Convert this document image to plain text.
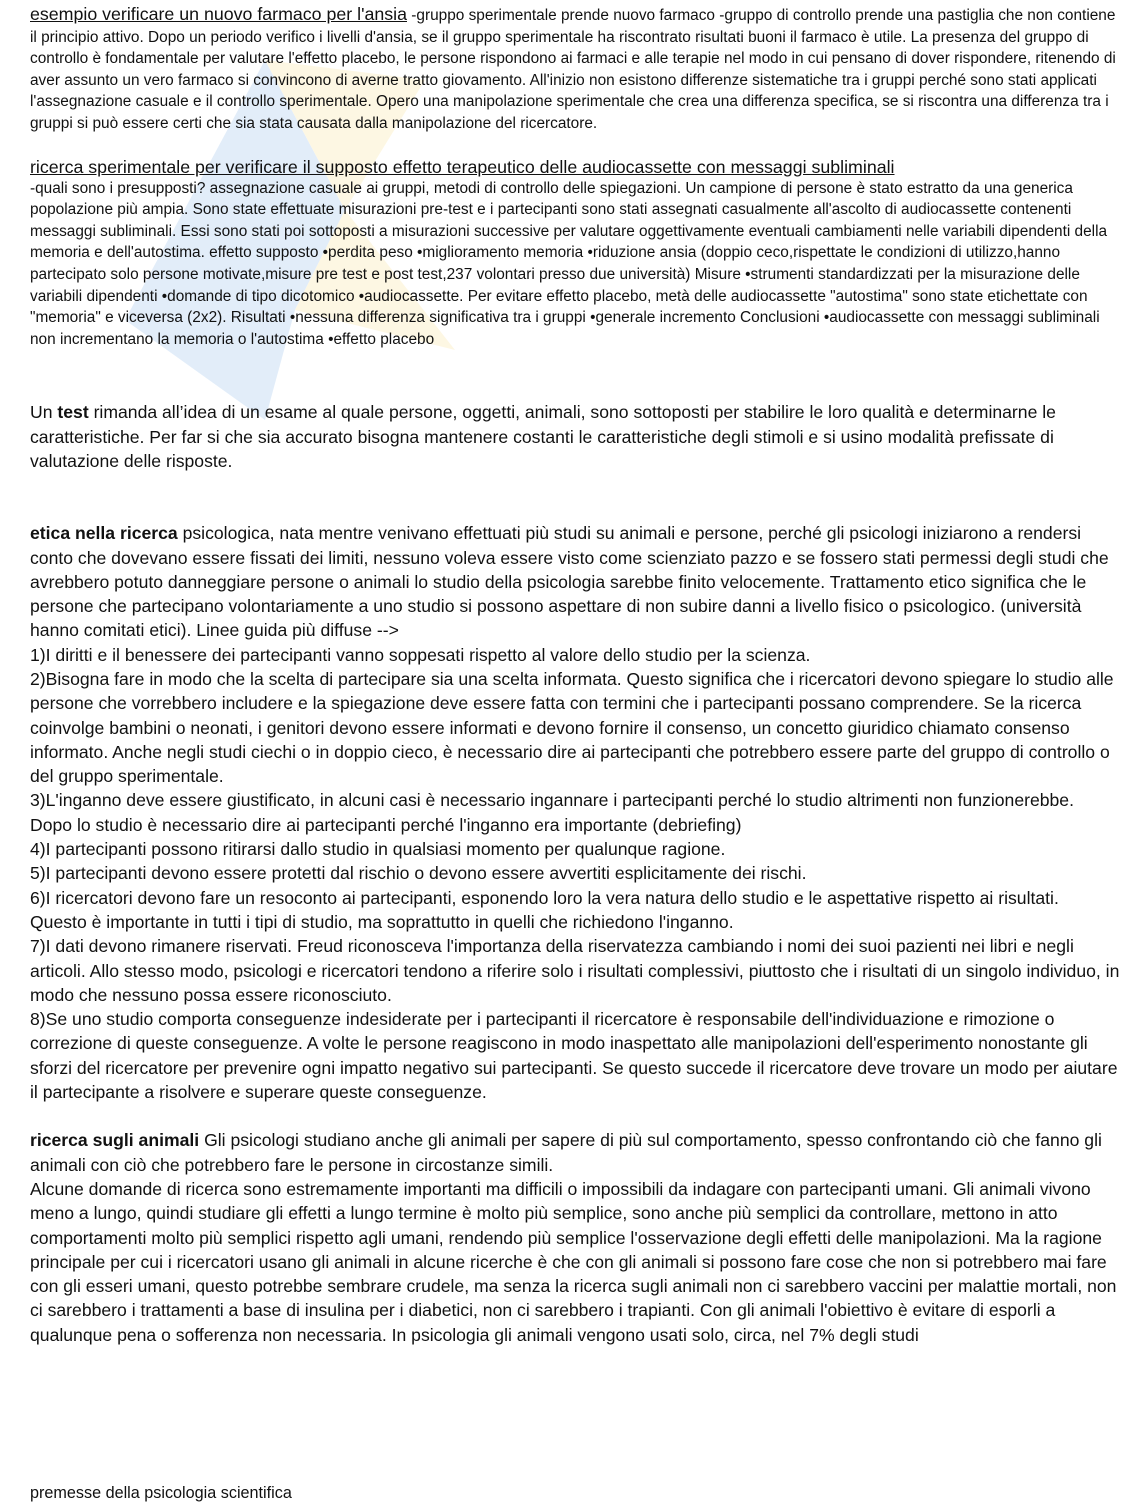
esempio verificare un nuovo farmaco per l'ansia -gruppo sperimentale prende nuovo farmaco -gruppo di controllo prende una pastiglia che non contiene il principio attivo. Dopo un periodo verifico i livelli d'ansia, se il gruppo sperimentale ha riscontrato risultati buoni il farmaco è utile. La presenza del gruppo di controllo è fondamentale per valutare l'effetto placebo, le persone rispondono ai farmaci e alle terapie nel modo in cui pensano di dover rispondere, ritenendo di aver assunto un vero farmaco si convincono di averne tratto giovamento. All'inizio non esistono differenze sistematiche tra i gruppi perché sono stati applicati l'assegnazione casuale e il controllo sperimentale. Opero una manipolazione sperimentale che crea una differenza specifica, se si riscontra una differenza tra i gruppi si può essere certi che sia stata causata dalla manipolazione del ricercatore.

ricerca sperimentale per verificare il supposto effetto terapeutico delle audiocassette con messaggi subliminali
-quali sono i presupposti? assegnazione casuale ai gruppi, metodi di controllo delle spiegazioni. Un campione di persone è stato estratto da una generica popolazione più ampia. Sono state effettuate misurazioni pre-test e i partecipanti sono stati assegnati casualmente all'ascolto di audiocassette contenenti messaggi subliminali. Essi sono stati poi sottoposti a misurazioni successive per valutare oggettivamente eventuali cambiamenti nelle variabili dipendenti della memoria e dell'autostima. effetto supposto •perdita peso •miglioramento memoria •riduzione ansia (doppio ceco,rispettate le condizioni di utilizzo,hanno partecipato solo persone motivate,misure pre test e post test,237 volontari presso due università) Misure •strumenti standardizzati per la misurazione delle variabili dipendenti •domande di tipo dicotomico •audiocassette. Per evitare effetto placebo, metà delle audiocassette "autostima" sono state etichettate con "memoria" e viceversa (2x2). Risultati •nessuna differenza significativa tra i gruppi •generale incremento Conclusioni •audiocassette con messaggi subliminali non incrementano la memoria o l'autostima •effetto placebo

Un test rimanda all’idea di un esame al quale persone, oggetti, animali, sono sottoposti per stabilire le loro qualità e determinarne le caratteristiche. Per far si che sia accurato bisogna mantenere costanti le caratteristiche degli stimoli e si usino modalità prefissate di valutazione delle risposte.

etica nella ricerca psicologica, nata mentre venivano effettuati più studi su animali e persone, perché gli psicologi iniziarono a rendersi conto che dovevano essere fissati dei limiti, nessuno voleva essere visto come scienziato pazzo e se fossero stati permessi degli studi che avrebbero potuto danneggiare persone o animali lo studio della psicologia sarebbe finito velocemente. Trattamento etico significa che le persone che partecipano volontariamente a uno studio si possono aspettare di non subire danni a livello fisico o psicologico. (università hanno comitati etici). Linee guida più diffuse -->

1)I diritti e il benessere dei partecipanti vanno soppesati rispetto al valore dello studio per la scienza.

2)Bisogna fare in modo che la scelta di partecipare sia una scelta informata. Questo significa che i ricercatori devono spiegare lo studio alle persone che vorrebbero includere e la spiegazione deve essere fatta con termini che i partecipanti possano comprendere. Se la ricerca coinvolge bambini o neonati, i genitori devono essere informati e devono fornire il consenso, un concetto giuridico chiamato consenso informato. Anche negli studi ciechi o in doppio cieco, è necessario dire ai partecipanti che potrebbero essere parte del gruppo di controllo o del gruppo sperimentale.

3)L'inganno deve essere giustificato, in alcuni casi è necessario ingannare i partecipanti perché lo studio altrimenti non funzionerebbe. Dopo lo studio è necessario dire ai partecipanti perché l'inganno era importante (debriefing)

4)I partecipanti possono ritirarsi dallo studio in qualsiasi momento per qualunque ragione.

5)I partecipanti devono essere protetti dal rischio o devono essere avvertiti esplicitamente dei rischi.

6)I ricercatori devono fare un resoconto ai partecipanti, esponendo loro la vera natura dello studio e le aspettative rispetto ai risultati. Questo è importante in tutti i tipi di studio, ma soprattutto in quelli che richiedono l'inganno.

7)I dati devono rimanere riservati. Freud riconosceva l'importanza della riservatezza cambiando i nomi dei suoi pazienti nei libri e negli articoli. Allo stesso modo, psicologi e ricercatori tendono a riferire solo i risultati complessivi, piuttosto che i risultati di un singolo individuo, in modo che nessuno possa essere riconosciuto.

8)Se uno studio comporta conseguenze indesiderate per i partecipanti il ricercatore è responsabile dell'individuazione e rimozione o correzione di queste conseguenze. A volte le persone reagiscono in modo inaspettato alle manipolazioni dell'esperimento nonostante gli sforzi del ricercatore per prevenire ogni impatto negativo sui partecipanti. Se questo succede il ricercatore deve trovare un modo per aiutare il partecipante a risolvere e superare queste conseguenze.

ricerca sugli animali Gli psicologi studiano anche gli animali per sapere di più sul comportamento, spesso confrontando ciò che fanno gli animali con ciò che potrebbero fare le persone in circostanze simili.

Alcune domande di ricerca sono estremamente importanti ma difficili o impossibili da indagare con partecipanti umani. Gli animali vivono meno a lungo, quindi studiare gli effetti a lungo termine è molto più semplice, sono anche più semplici da controllare, mettono in atto comportamenti molto più semplici rispetto agli umani, rendendo più semplice l'osservazione degli effetti delle manipolazioni. Ma la ragione principale per cui i ricercatori usano gli animali in alcune ricerche è che con gli animali si possono fare cose che non si potrebbero mai fare con gli esseri umani, questo potrebbe sembrare crudele, ma senza la ricerca sugli animali non ci sarebbero vaccini per malattie mortali, non ci sarebbero i trattamenti a base di insulina per i diabetici, non ci sarebbero i trapianti. Con gli animali l'obiettivo è evitare di esporli a qualunque pena o sofferenza non necessaria. In psicologia gli animali vengono usati solo, circa, nel 7% degli studi

premesse della psicologia scientifica
